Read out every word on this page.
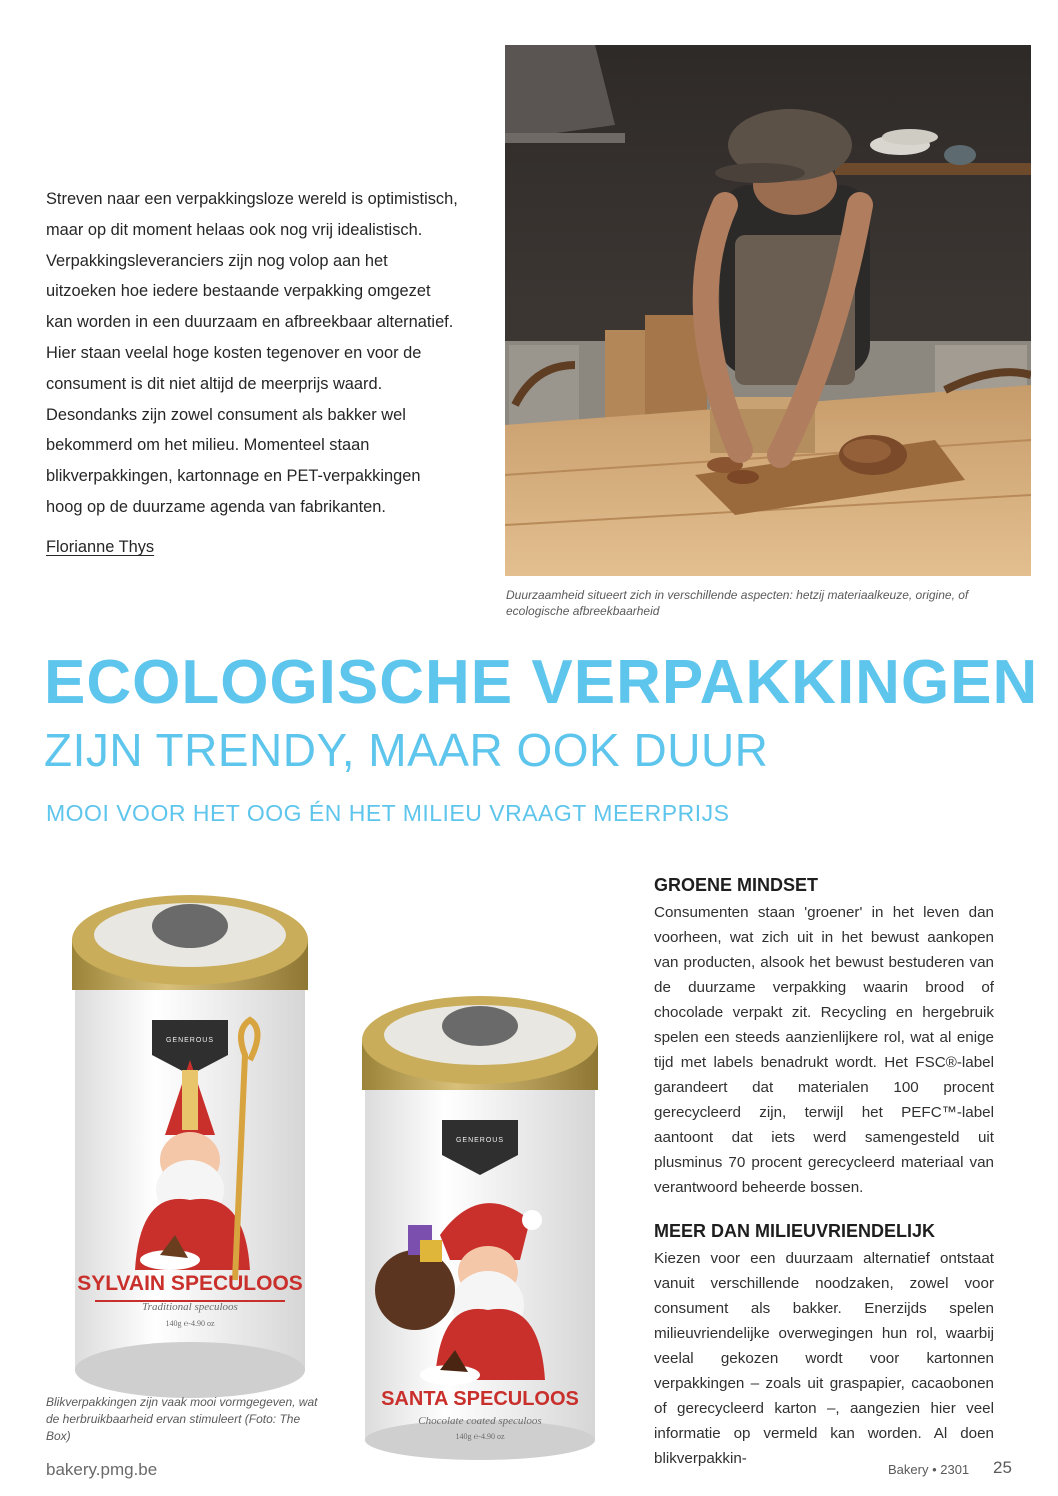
Streven naar een verpakkingsloze wereld is optimistisch, maar op dit moment helaas ook nog vrij idealistisch. Verpakkingsleveranciers zijn nog volop aan het uitzoeken hoe iedere bestaande verpakking omgezet kan worden in een duurzaam en afbreekbaar alternatief. Hier staan veelal hoge kosten tegenover en voor de consument is dit niet altijd de meerprijs waard. Desondanks zijn zowel consument als bakker wel bekommerd om het milieu. Momenteel staan blikverpakkingen, kartonnage en PET-verpakkingen hoog op de duurzame agenda van fabrikanten.
Florianne Thys
Duurzaamheid situeert zich in verschillende aspecten: hetzij materiaalkeuze, origine, of ecologische afbreekbaarheid
ECOLOGISCHE VERPAKKINGEN
ZIJN TRENDY, MAAR OOK DUUR
MOOI VOOR HET OOG ÉN HET MILIEU VRAAGT MEERPRIJS
GROENE MINDSET
Consumenten staan 'groener' in het leven dan voorheen, wat zich uit in het bewust aankopen van producten, alsook het bewust bestuderen van de duurzame verpakking waarin brood of chocolade verpakt zit. Recycling en hergebruik spelen een steeds aanzienlijkere rol, wat al enige tijd met labels benadrukt wordt. Het FSC®-label garandeert dat materialen 100 procent gerecycleerd zijn, terwijl het PEFC™-label aantoont dat iets werd samengesteld uit plusminus 70 procent gerecycleerd materiaal van verantwoord beheerde bossen.
MEER DAN MILIEUVRIENDELIJK
Kiezen voor een duurzaam alternatief ontstaat vanuit verschillende noodzaken, zowel voor consument als bakker. Enerzijds spelen milieuvriendelijke overwegingen hun rol, waarbij veelal gekozen wordt voor kartonnen verpakkingen – zoals uit graspapier, cacaobonen of gerecycleerd karton –, aangezien hier veel informatie op vermeld kan worden. Al doen blikverpakkin-
SYLVAIN SPECULOOS
Traditional speculoos
140g ℮-4.90 oz
GENEROUS
SANTA SPECULOOS
Chocolate coated speculoos
140g ℮-4.90 oz
GENEROUS
Blikverpakkingen zijn vaak mooi vormgegeven, wat de herbruikbaarheid ervan stimuleert (Foto: The Box)
bakery.pmg.be	Bakery • 2301 25
